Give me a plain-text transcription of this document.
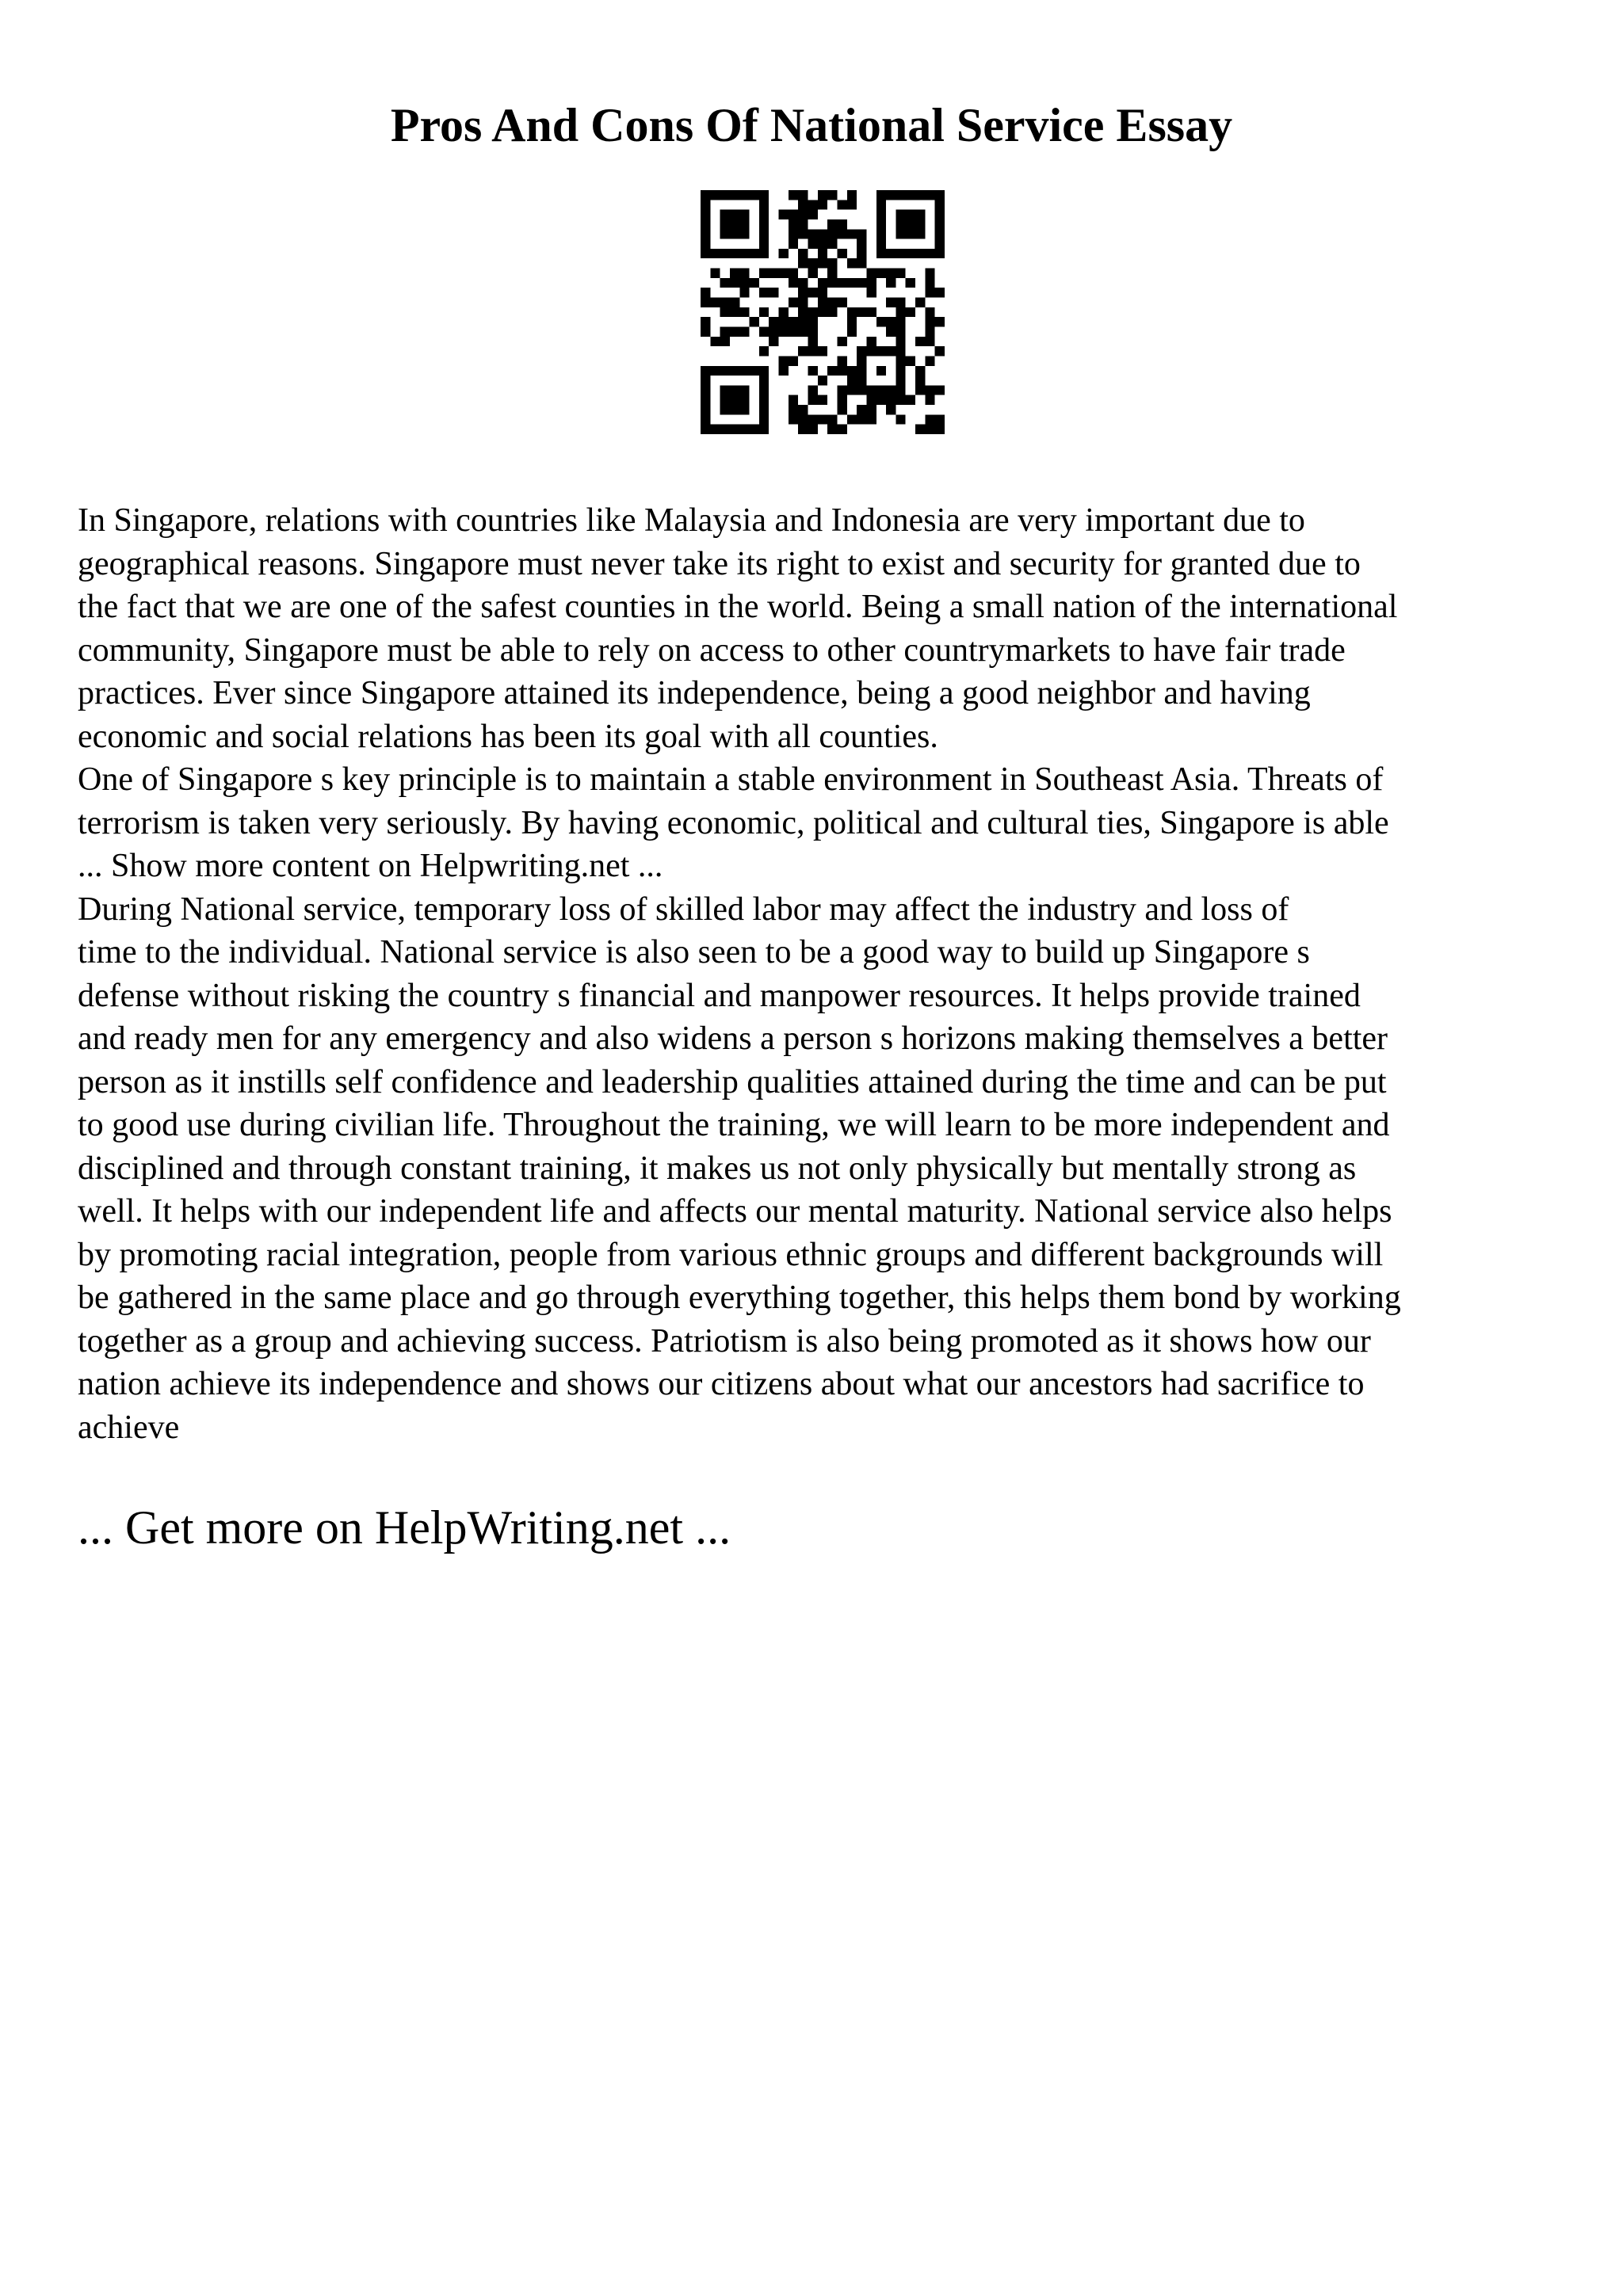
Pros And Cons Of National Service Essay
In Singapore, relations with countries like Malaysia and Indonesia are very important due to
geographical reasons. Singapore must never take its right to exist and security for granted due to
the fact that we are one of the safest counties in the world. Being a small nation of the international
community, Singapore must be able to rely on access to other countrymarkets to have fair trade
practices. Ever since Singapore attained its independence, being a good neighbor and having
economic and social relations has been its goal with all counties.
One of Singapore s key principle is to maintain a stable environment in Southeast Asia. Threats of
terrorism is taken very seriously. By having economic, political and cultural ties, Singapore is able
... Show more content on Helpwriting.net ...
During National service, temporary loss of skilled labor may affect the industry and loss of
time to the individual. National service is also seen to be a good way to build up Singapore s
defense without risking the country s financial and manpower resources. It helps provide trained
and ready men for any emergency and also widens a person s horizons making themselves a better
person as it instills self confidence and leadership qualities attained during the time and can be put
to good use during civilian life. Throughout the training, we will learn to be more independent and
disciplined and through constant training, it makes us not only physically but mentally strong as
well. It helps with our independent life and affects our mental maturity. National service also helps
by promoting racial integration, people from various ethnic groups and different backgrounds will
be gathered in the same place and go through everything together, this helps them bond by working
together as a group and achieving success. Patriotism is also being promoted as it shows how our
nation achieve its independence and shows our citizens about what our ancestors had sacrifice to
achieve
... Get more on HelpWriting.net ...
